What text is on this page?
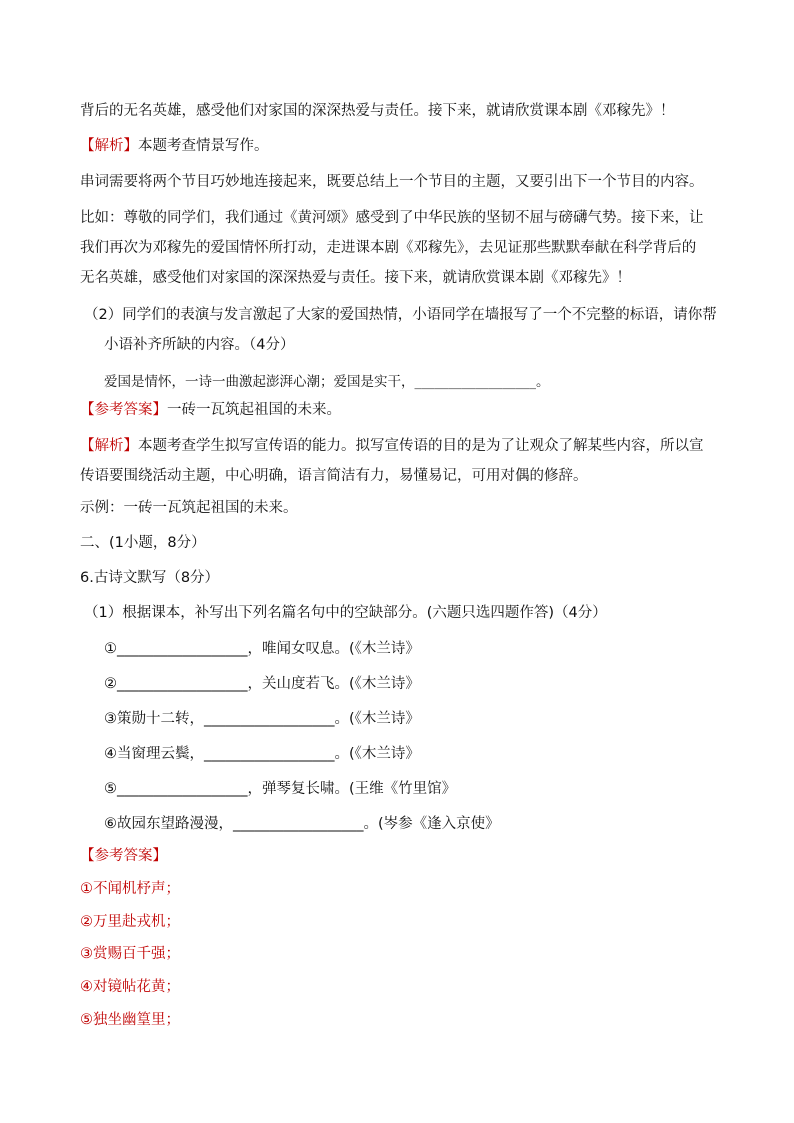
背后的无名英雄，感受他们对家国的深深热爱与责任。接下来，就请欣赏课本剧《邓稼先》！
【解析】本题考查情景写作。
串词需要将两个节目巧妙地连接起来，既要总结上一个节目的主题，又要引出下一个节目的内容。
比如：尊敬的同学们，我们通过《黄河颂》感受到了中华民族的坚韧不屈与磅礴气势。接下来，让
我们再次为邓稼先的爱国情怀所打动，走进课本剧《邓稼先》，去见证那些默默奉献在科学背后的
无名英雄，感受他们对家国的深深热爱与责任。接下来，就请欣赏课本剧《邓稼先》！
（2）同学们的表演与发言激起了大家的爱国热情，小语同学在墙报写了一个不完整的标语，请你帮
小语补齐所缺的内容。（4分）
爱国是情怀，一诗一曲激起澎湃心潮；爱国是实干，__________________。
【参考答案】一砖一瓦筑起祖国的未来。
【解析】本题考查学生拟写宣传语的能力。拟写宣传语的目的是为了让观众了解某些内容，所以宣
传语要围绕活动主题，中心明确，语言简洁有力，易懂易记，可用对偶的修辞。
示例：一砖一瓦筑起祖国的未来。
二、(1小题，8分）
6.古诗文默写（8分）
（1）根据课本，补写出下列名篇名句中的空缺部分。(六题只选四题作答)（4分）
①__________________，唯闻女叹息。(《木兰诗》
②__________________，关山度若飞。(《木兰诗》
③策勋十二转，__________________。(《木兰诗》
④当窗理云鬓，__________________。(《木兰诗》
⑤__________________，弹琴复长啸。(王维《竹里馆》
⑥故园东望路漫漫，__________________。(岑参《逢入京使》
【参考答案】
①不闻机杼声；
②万里赴戎机；
③赏赐百千强；
④对镜帖花黄；
⑤独坐幽篁里；
